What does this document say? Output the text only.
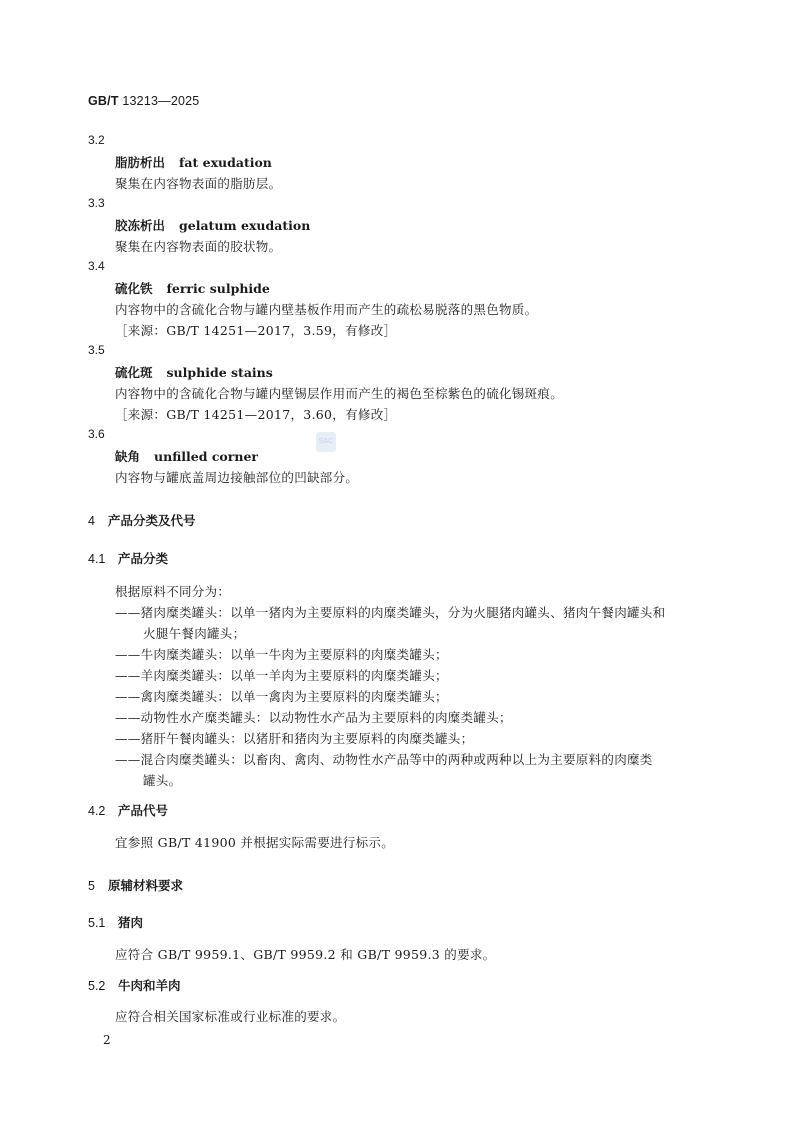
GB/T 13213—2025
3.2
脂肪析出 fat exudation
聚集在内容物表面的脂肪层。
3.3
胶冻析出 gelatum exudation
聚集在内容物表面的胶状物。
3.4
硫化铁 ferric sulphide
内容物中的含硫化合物与罐内壁基板作用而产生的疏松易脱落的黑色物质。
［来源：GB/T 14251—2017，3.59，有修改］
3.5
硫化斑 sulphide stains
内容物中的含硫化合物与罐内壁锡层作用而产生的褐色至棕紫色的硫化锡斑痕。
［来源：GB/T 14251—2017，3.60，有修改］
3.6
SAC
缺角 unfilled corner
内容物与罐底盖周边接触部位的凹缺部分。
4 产品分类及代号
4.1 产品分类
根据原料不同分为：
——猪肉糜类罐头：以单一猪肉为主要原料的肉糜类罐头，分为火腿猪肉罐头、猪肉午餐肉罐头和
火腿午餐肉罐头；
——牛肉糜类罐头：以单一牛肉为主要原料的肉糜类罐头；
——羊肉糜类罐头：以单一羊肉为主要原料的肉糜类罐头；
——禽肉糜类罐头：以单一禽肉为主要原料的肉糜类罐头；
——动物性水产糜类罐头：以动物性水产品为主要原料的肉糜类罐头；
——猪肝午餐肉罐头：以猪肝和猪肉为主要原料的肉糜类罐头；
——混合肉糜类罐头：以畜肉、禽肉、动物性水产品等中的两种或两种以上为主要原料的肉糜类
罐头。
4.2 产品代号
宜参照 GB/T 41900 并根据实际需要进行标示。
5 原辅材料要求
5.1 猪肉
应符合 GB/T 9959.1、GB/T 9959.2 和 GB/T 9959.3 的要求。
5.2 牛肉和羊肉
应符合相关国家标准或行业标准的要求。
2
